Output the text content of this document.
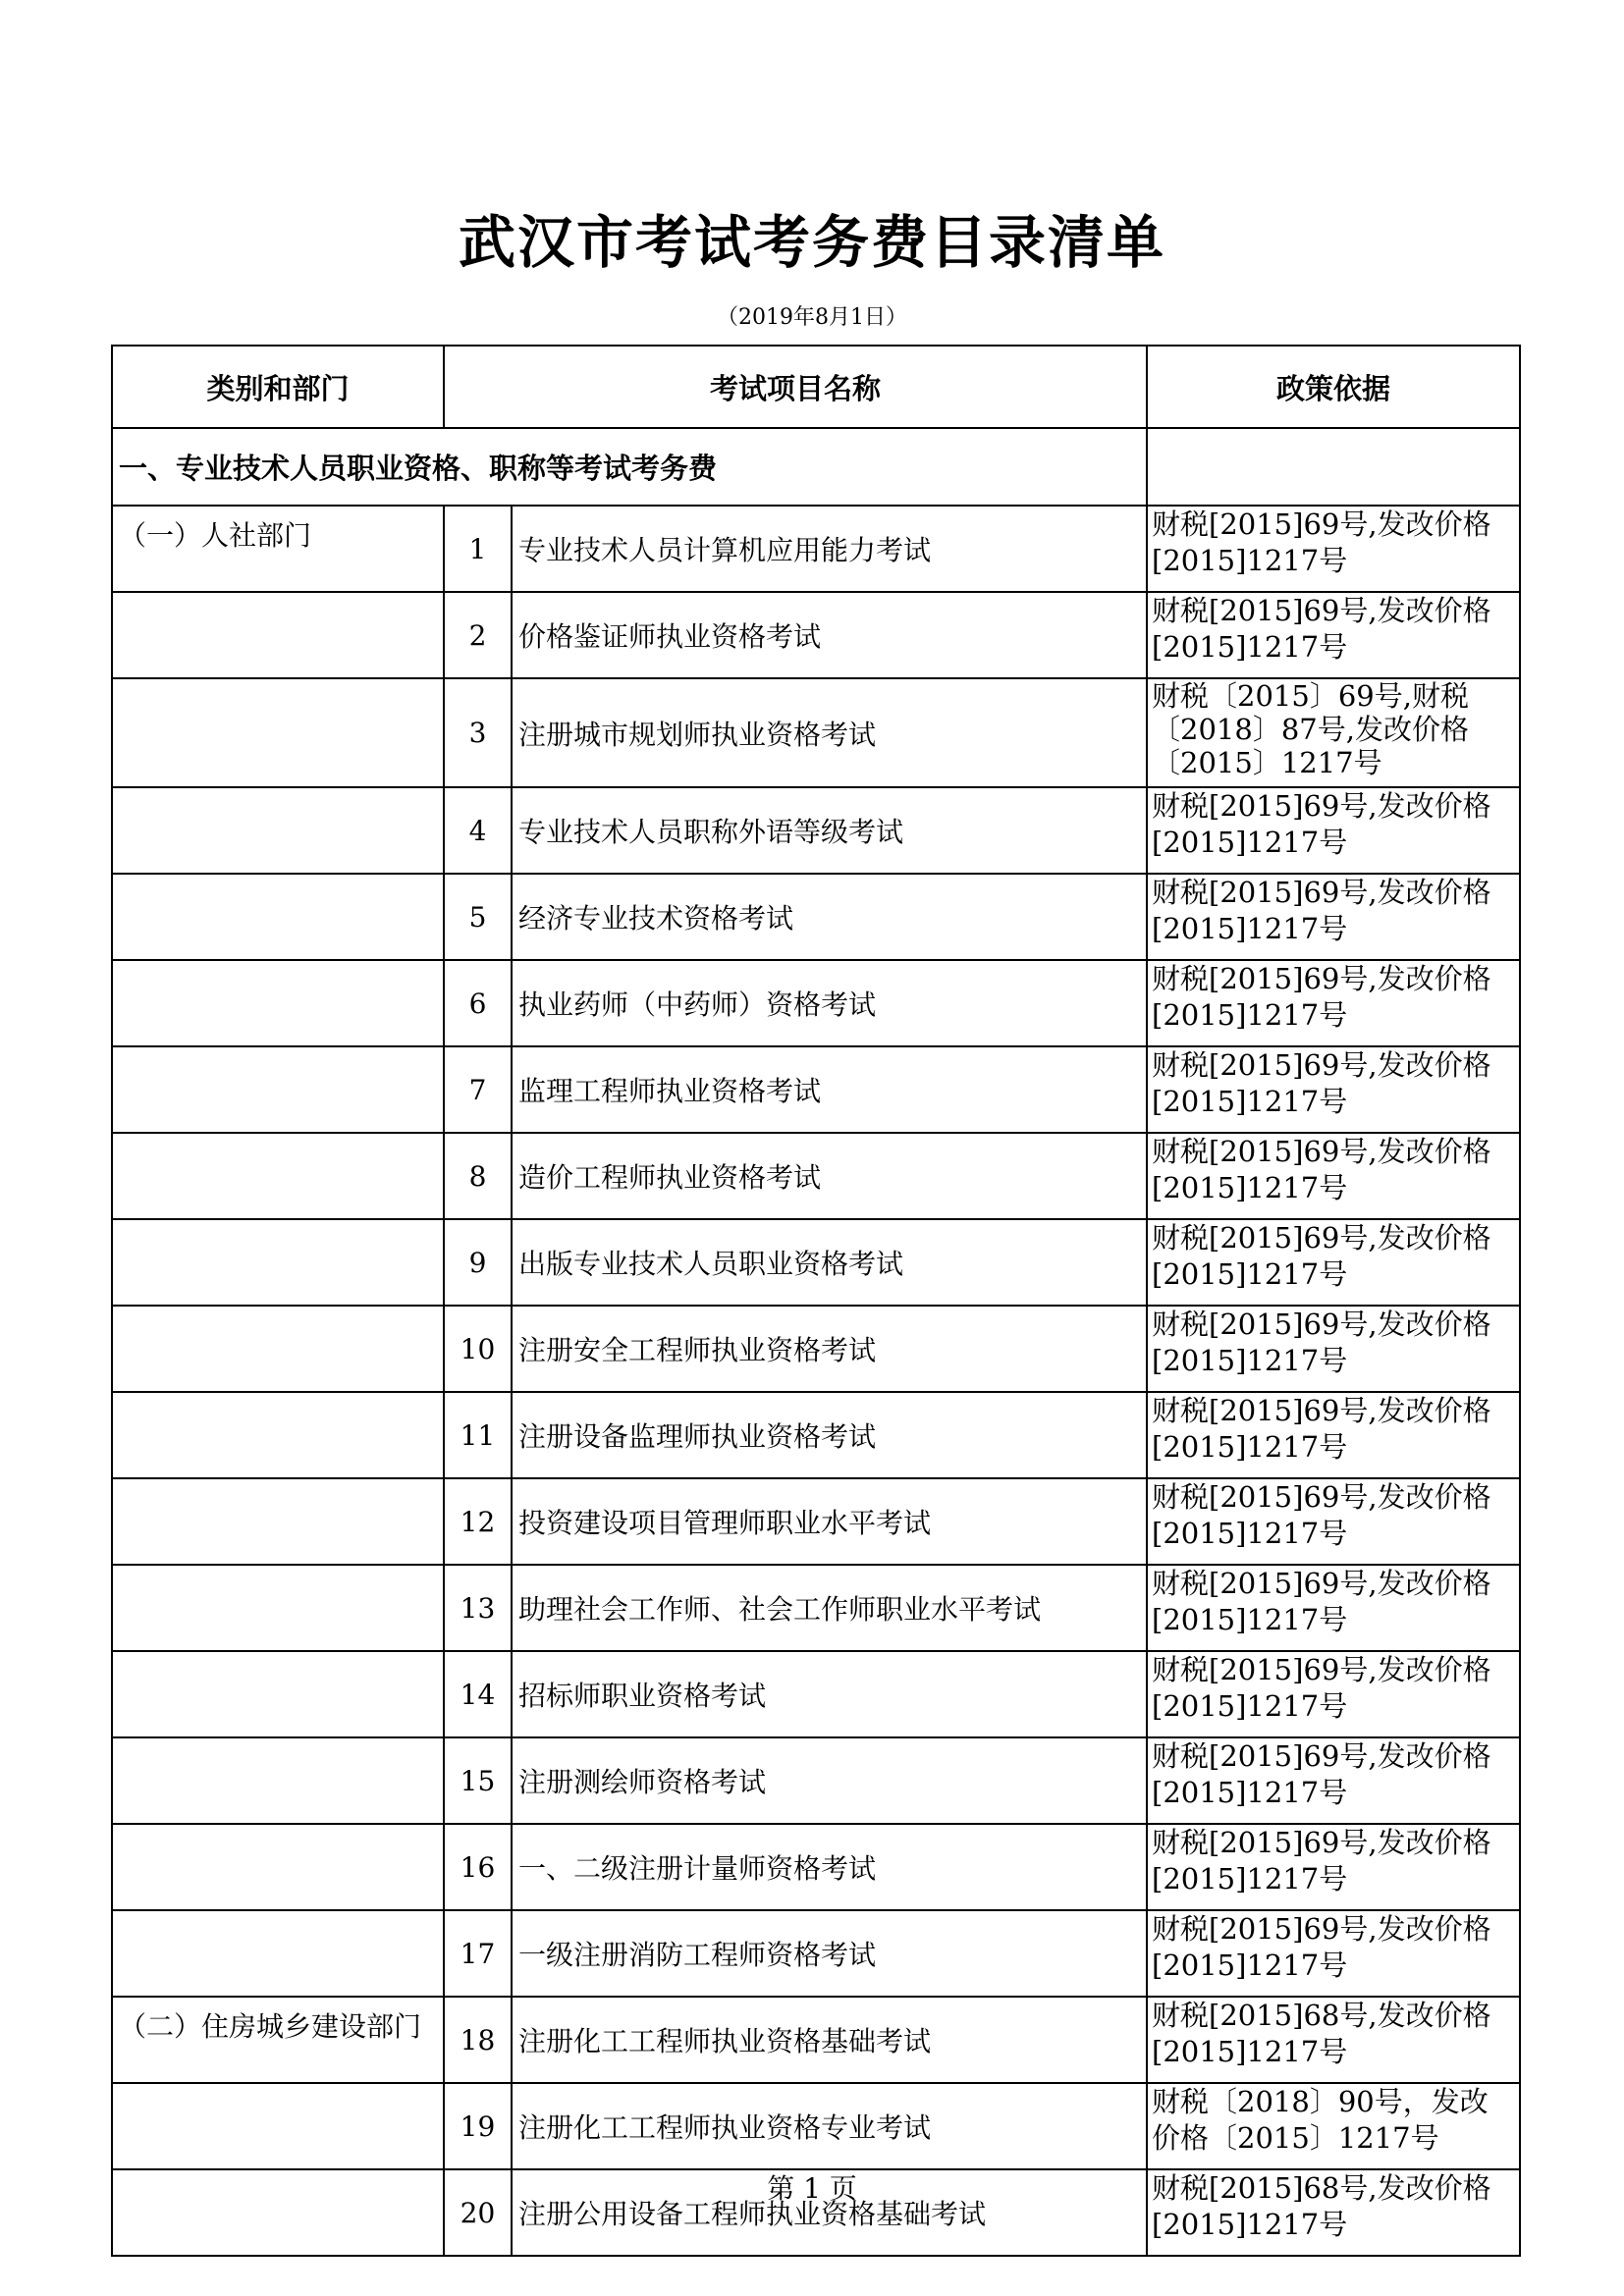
武汉市考试考务费目录清单
（2019年8月1日）
类别和部门	考试项目名称		政策依据
一、专业技术人员职业资格、职称等考试考务费			
（一）人社部门	1	专业技术人员计算机应用能力考试	财税[2015]69号,发改价格[2015]1217号
	2	价格鉴证师执业资格考试	财税[2015]69号,发改价格[2015]1217号
	3	注册城市规划师执业资格考试	财税〔2015〕69号,财税〔2018〕87号,发改价格〔2015〕1217号
	4	专业技术人员职称外语等级考试	财税[2015]69号,发改价格[2015]1217号
	5	经济专业技术资格考试	财税[2015]69号,发改价格[2015]1217号
	6	执业药师（中药师）资格考试	财税[2015]69号,发改价格[2015]1217号
	7	监理工程师执业资格考试	财税[2015]69号,发改价格[2015]1217号
	8	造价工程师执业资格考试	财税[2015]69号,发改价格[2015]1217号
	9	出版专业技术人员职业资格考试	财税[2015]69号,发改价格[2015]1217号
	10	注册安全工程师执业资格考试	财税[2015]69号,发改价格[2015]1217号
	11	注册设备监理师执业资格考试	财税[2015]69号,发改价格[2015]1217号
	12	投资建设项目管理师职业水平考试	财税[2015]69号,发改价格[2015]1217号
	13	助理社会工作师、社会工作师职业水平考试	财税[2015]69号,发改价格[2015]1217号
	14	招标师职业资格考试	财税[2015]69号,发改价格[2015]1217号
	15	注册测绘师资格考试	财税[2015]69号,发改价格[2015]1217号
	16	一、二级注册计量师资格考试	财税[2015]69号,发改价格[2015]1217号
	17	一级注册消防工程师资格考试	财税[2015]69号,发改价格[2015]1217号
（二）住房城乡建设部门	18	注册化工工程师执业资格基础考试	财税[2015]68号,发改价格[2015]1217号
	19	注册化工工程师执业资格专业考试	财税〔2018〕90号，发改价格〔2015〕1217号
	20	注册公用设备工程师执业资格基础考试	财税[2015]68号,发改价格[2015]1217号
第 1 页
